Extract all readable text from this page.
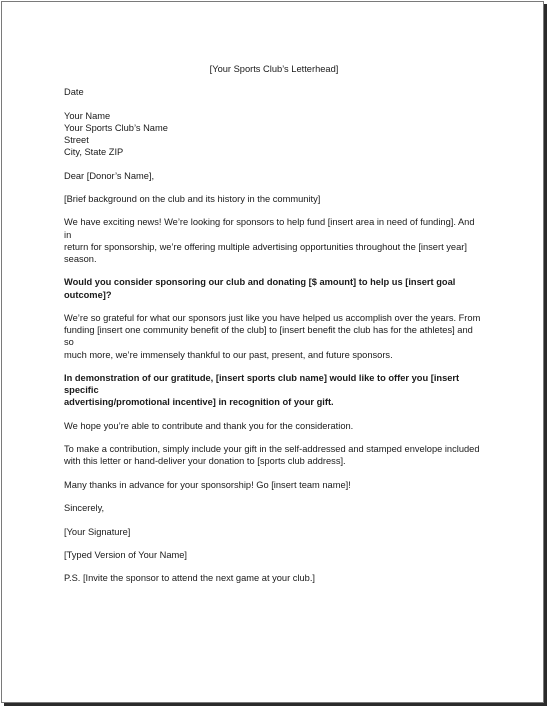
[Your Sports Club’s Letterhead]
Date
Your Name
Your Sports Club’s Name
Street
City, State ZIP
Dear [Donor’s Name],
[Brief background on the club and its history in the community]
We have exciting news! We’re looking for sponsors to help fund [insert area in need of funding]. And in
return for sponsorship, we’re offering multiple advertising opportunities throughout the [insert year]
season.
Would you consider sponsoring our club and donating [$ amount] to help us [insert goal outcome]?
We’re so grateful for what our sponsors just like you have helped us accomplish over the years. From
funding [insert one community benefit of the club] to [insert benefit the club has for the athletes] and so
much more, we’re immensely thankful to our past, present, and future sponsors.
In demonstration of our gratitude, [insert sports club name] would like to offer you [insert specific
advertising/promotional incentive] in recognition of your gift.
We hope you’re able to contribute and thank you for the consideration.
To make a contribution, simply include your gift in the self-addressed and stamped envelope included
with this letter or hand-deliver your donation to [sports club address].
Many thanks in advance for your sponsorship! Go [insert team name]!
Sincerely,
[Your Signature]
[Typed Version of Your Name]
P.S. [Invite the sponsor to attend the next game at your club.]
